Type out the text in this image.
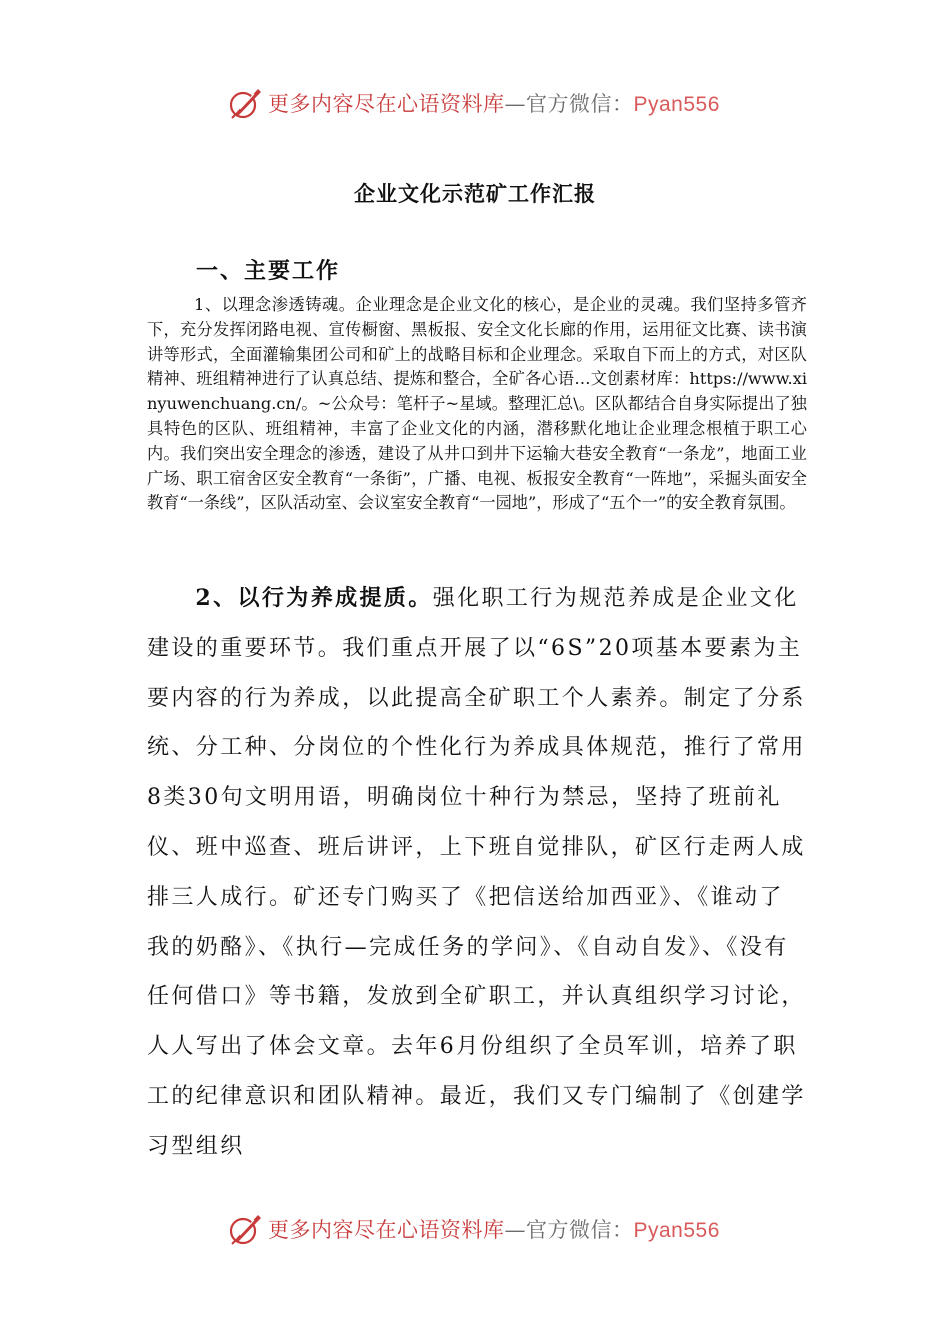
更多内容尽在心语资料库—官方微信：Pyan556
企业文化示范矿工作汇报
一、主要工作

1、以理念渗透铸魂。企业理念是企业文化的核心，是企业的灵魂。我们坚持多管齐下，充分发挥闭路电视、宣传橱窗、黑板报、安全文化长廊的作用，运用征文比赛、读书演讲等形式，全面灌输集团公司和矿上的战略目标和企业理念。采取自下而上的方式，对区队精神、班组精神进行了认真总结、提炼和整合，全矿各心语…文创素材库：https://www.xinyuwenchuang.cn/。~公众号：笔杆子~星域。整理汇总\。区队都结合自身实际提出了独具特色的区队、班组精神，丰富了企业文化的内涵，潜移默化地让企业理念根植于职工心内。我们突出安全理念的渗透，建设了从井口到井下运输大巷安全教育“一条龙”，地面工业广场、职工宿舍区安全教育“一条街”，广播、电视、板报安全教育“一阵地”，采掘头面安全教育“一条线”，区队活动室、会议室安全教育“一园地”，形成了“五个一”的安全教育氛围。

2、以行为养成提质。强化职工行为规范养成是企业文化建设的重要环节。我们重点开展了以“6S”20项基本要素为主要内容的行为养成，以此提高全矿职工个人素养。制定了分系统、分工种、分岗位的个性化行为养成具体规范，推行了常用8类30句文明用语，明确岗位十种行为禁忌，坚持了班前礼仪、班中巡查、班后讲评，上下班自觉排队，矿区行走两人成排三人成行。矿还专门购买了《把信送给加西亚》、《谁动了我的奶酪》、《执行—完成任务的学问》、《自动自发》、《没有任何借口》等书籍，发放到全矿职工，并认真组织学习讨论，人人写出了体会文章。去年6月份组织了全员军训，培养了职工的纪律意识和团队精神。最近，我们又专门编制了《创建学习型组织

更多内容尽在心语资料库—官方微信：Pyan556
